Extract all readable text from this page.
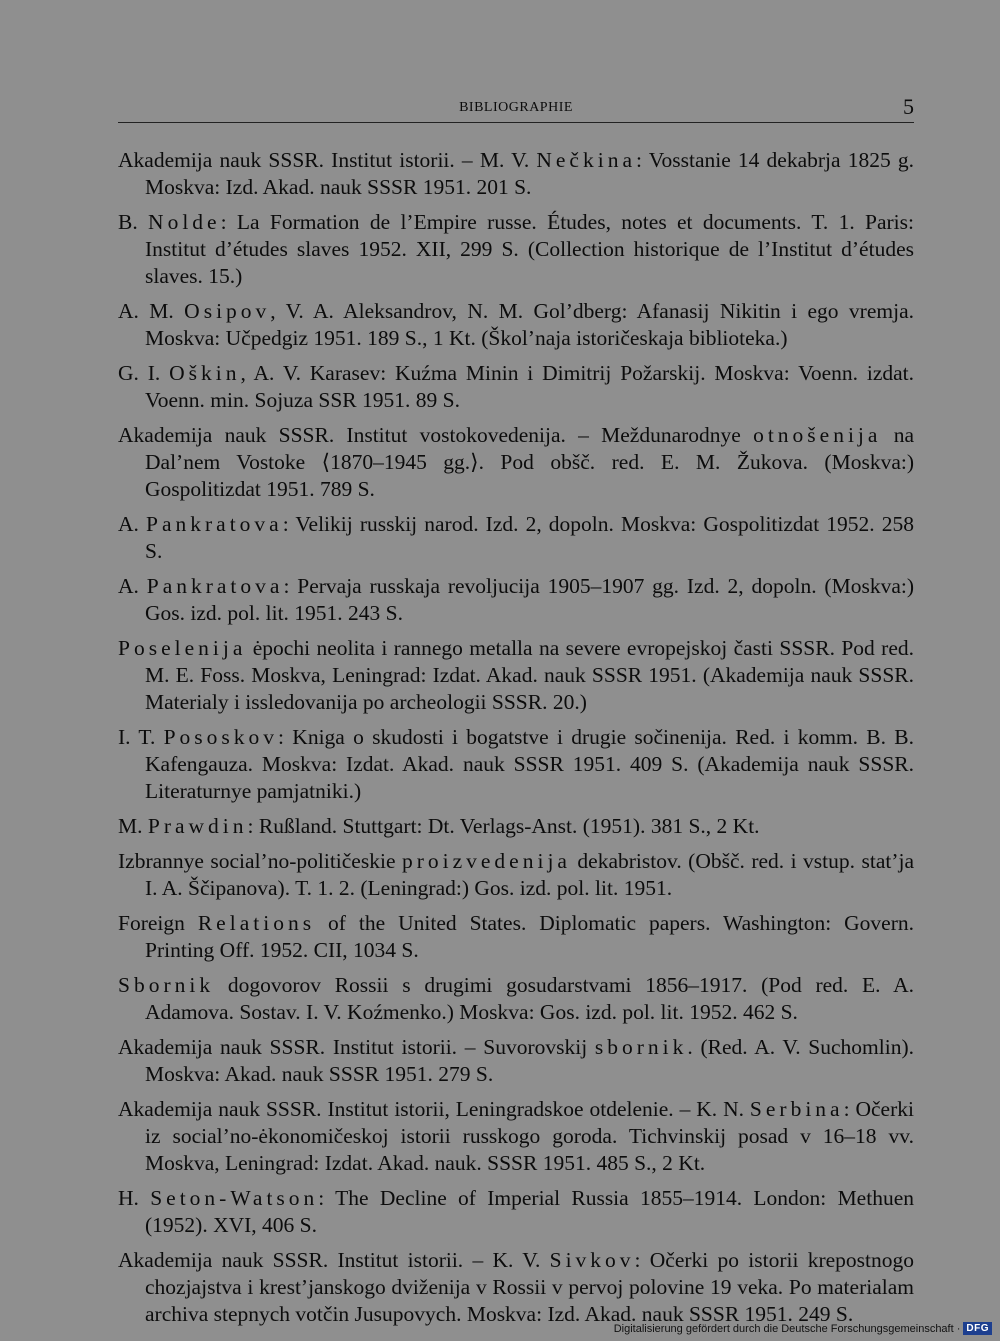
BIBLIOGRAPHIE	5

Akademija nauk SSSR. Institut istorii. – M. V. Nečkina: Vosstanie 14 dekabrja 1825 g. Moskva: Izd. Akad. nauk SSSR 1951. 201 S.

B. Nolde: La Formation de l’Empire russe. Études, notes et documents. T. 1. Paris: Institut d’études slaves 1952. XII, 299 S. (Collection historique de l’Institut d’études slaves. 15.)

A. M. Osipov, V. A. Aleksandrov, N. M. Gol’dberg: Afanasij Nikitin i ego vremja. Moskva: Učpedgiz 1951. 189 S., 1 Kt. (Škol’naja istoričeskaja biblioteka.)

G. I. Oškin, A. V. Karasev: Kuźma Minin i Dimitrij Požarskij. Moskva: Voenn. izdat. Voenn. min. Sojuza SSR 1951. 89 S.

Akademija nauk SSSR. Institut vostokovedenija. – Meždunarodnye otnošenija na Dal’nem Vostoke ⟨1870–1945 gg.⟩. Pod obšč. red. E. M. Žukova. (Moskva:) Gospolitizdat 1951. 789 S.

A. Pankratova: Velikij russkij narod. Izd. 2, dopoln. Moskva: Gospolitizdat 1952. 258 S.

A. Pankratova: Pervaja russkaja revoljucija 1905–1907 gg. Izd. 2, dopoln. (Moskva:) Gos. izd. pol. lit. 1951. 243 S.

Poselenija ėpochi neolita i rannego metalla na severe evropejskoj časti SSSR. Pod red. M. E. Foss. Moskva, Leningrad: Izdat. Akad. nauk SSSR 1951. (Akademija nauk SSSR. Materialy i issledovanija po archeologii SSSR. 20.)

I. T. Pososkov: Kniga o skudosti i bogatstve i drugie sočinenija. Red. i komm. B. B. Kafengauza. Moskva: Izdat. Akad. nauk SSSR 1951. 409 S. (Akademija nauk SSSR. Literaturnye pamjatniki.)

M. Prawdin: Rußland. Stuttgart: Dt. Verlags-Anst. (1951). 381 S., 2 Kt.

Izbrannye social’no-političeskie proizvedenija dekabristov. (Obšč. red. i vstup. stat’ja I. A. Ščipanova). T. 1. 2. (Leningrad:) Gos. izd. pol. lit. 1951.

Foreign Relations of the United States. Diplomatic papers. Washington: Govern. Printing Off. 1952. CII, 1034 S.

Sbornik dogovorov Rossii s drugimi gosudarstvami 1856–1917. (Pod red. E. A. Adamova. Sostav. I. V. Koźmenko.) Moskva: Gos. izd. pol. lit. 1952. 462 S.

Akademija nauk SSSR. Institut istorii. – Suvorovskij sbornik. (Red. A. V. Suchomlin). Moskva: Akad. nauk SSSR 1951. 279 S.

Akademija nauk SSSR. Institut istorii, Leningradskoe otdelenie. – K. N. Serbina: Očerki iz social’no-ėkonomičeskoj istorii russkogo goroda. Tichvinskij posad v 16–18 vv. Moskva, Leningrad: Izdat. Akad. nauk. SSSR 1951. 485 S., 2 Kt.

H. Seton-Watson: The Decline of Imperial Russia 1855–1914. London: Methuen (1952). XVI, 406 S.

Akademija nauk SSSR. Institut istorii. – K. V. Sivkov: Očerki po istorii krepostnogo chozjajstva i krest’janskogo dviženija v Rossii v pervoj polovine 19 veka. Po materialam archiva stepnych votčin Jusupovych. Moskva: Izd. Akad. nauk SSSR 1951. 249 S.

Digitalisierung gefördert durch die Deutsche Forschungsgemeinschaft · DFG
